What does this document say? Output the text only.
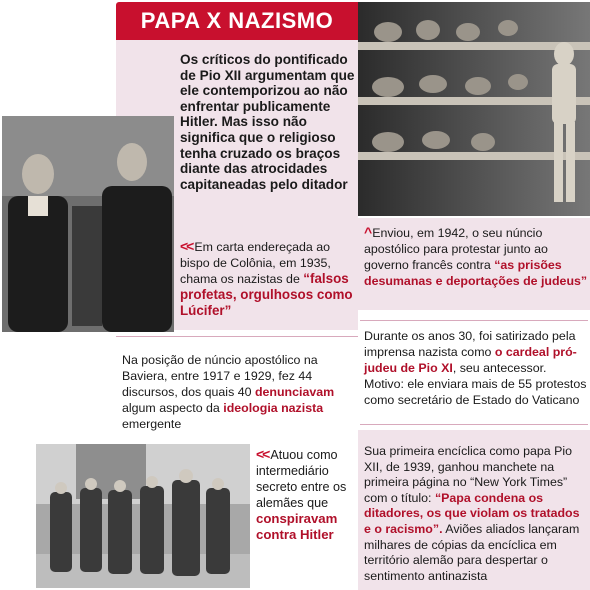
PAPA X NAZISMO
Os críticos do pontificado de Pio XII argumentam que ele contemporizou ao não enfrentar publicamente Hitler. Mas isso não significa que o religioso tenha cruzado os braços diante das atrocidades capitaneadas pelo ditador
<< Em carta endereçada ao bispo de Colônia, em 1935, chama os nazistas de “falsos profetas, orgulhosos como Lúcifer”
^ Enviou, em 1942, o seu núncio apostólico para protestar junto ao governo francês contra “as prisões desumanas e deportações de judeus”
Durante os anos 30, foi satirizado pela imprensa nazista como o cardeal pró-judeu de Pio XI, seu antecessor. Motivo: ele enviara mais de 55 protestos como secretário de Estado do Vaticano
Na posição de núncio apostólico na Baviera, entre 1917 e 1929, fez 44 discursos, dos quais 40 denunciavam algum aspecto da ideologia nazista emergente
<< Atuou como intermediário secreto entre os alemães que conspiravam contra Hitler
Sua primeira encíclica como papa Pio XII, de 1939, ganhou manchete na primeira página no “New York Times” com o título: “Papa condena os ditadores, os que violam os tratados e o racismo”. Aviões aliados lançaram milhares de cópias da encíclica em território alemão para despertar o sentimento antinazista
